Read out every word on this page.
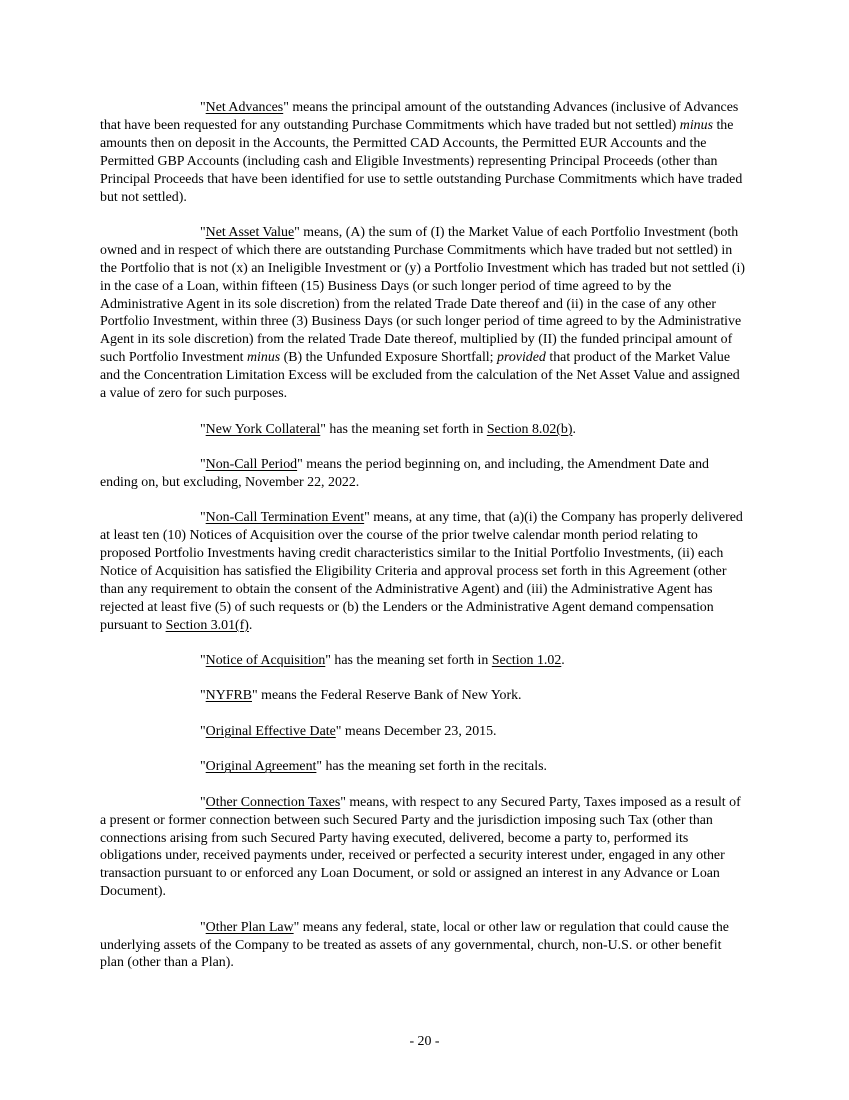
"Net Advances" means the principal amount of the outstanding Advances (inclusive of Advances that have been requested for any outstanding Purchase Commitments which have traded but not settled) minus the amounts then on deposit in the Accounts, the Permitted CAD Accounts, the Permitted EUR Accounts and the Permitted GBP Accounts (including cash and Eligible Investments) representing Principal Proceeds (other than Principal Proceeds that have been identified for use to settle outstanding Purchase Commitments which have traded but not settled).

"Net Asset Value" means, (A) the sum of (I) the Market Value of each Portfolio Investment (both owned and in respect of which there are outstanding Purchase Commitments which have traded but not settled) in the Portfolio that is not (x) an Ineligible Investment or (y) a Portfolio Investment which has traded but not settled (i) in the case of a Loan, within fifteen (15) Business Days (or such longer period of time agreed to by the Administrative Agent in its sole discretion) from the related Trade Date thereof and (ii) in the case of any other Portfolio Investment, within three (3) Business Days (or such longer period of time agreed to by the Administrative Agent in its sole discretion) from the related Trade Date thereof, multiplied by (II) the funded principal amount of such Portfolio Investment minus (B) the Unfunded Exposure Shortfall; provided that product of the Market Value and the Concentration Limitation Excess will be excluded from the calculation of the Net Asset Value and assigned a value of zero for such purposes.

"New York Collateral" has the meaning set forth in Section 8.02(b).

"Non-Call Period" means the period beginning on, and including, the Amendment Date and ending on, but excluding, November 22, 2022.

"Non-Call Termination Event" means, at any time, that (a)(i) the Company has properly delivered at least ten (10) Notices of Acquisition over the course of the prior twelve calendar month period relating to proposed Portfolio Investments having credit characteristics similar to the Initial Portfolio Investments, (ii) each Notice of Acquisition has satisfied the Eligibility Criteria and approval process set forth in this Agreement (other than any requirement to obtain the consent of the Administrative Agent) and (iii) the Administrative Agent has rejected at least five (5) of such requests or (b) the Lenders or the Administrative Agent demand compensation pursuant to Section 3.01(f).

"Notice of Acquisition" has the meaning set forth in Section 1.02.

"NYFRB" means the Federal Reserve Bank of New York.

"Original Effective Date" means December 23, 2015.

"Original Agreement" has the meaning set forth in the recitals.

"Other Connection Taxes" means, with respect to any Secured Party, Taxes imposed as a result of a present or former connection between such Secured Party and the jurisdiction imposing such Tax (other than connections arising from such Secured Party having executed, delivered, become a party to, performed its obligations under, received payments under, received or perfected a security interest under, engaged in any other transaction pursuant to or enforced any Loan Document, or sold or assigned an interest in any Advance or Loan Document).

"Other Plan Law" means any federal, state, local or other law or regulation that could cause the underlying assets of the Company to be treated as assets of any governmental, church, non-U.S. or other benefit plan (other than a Plan).

- 20 -
